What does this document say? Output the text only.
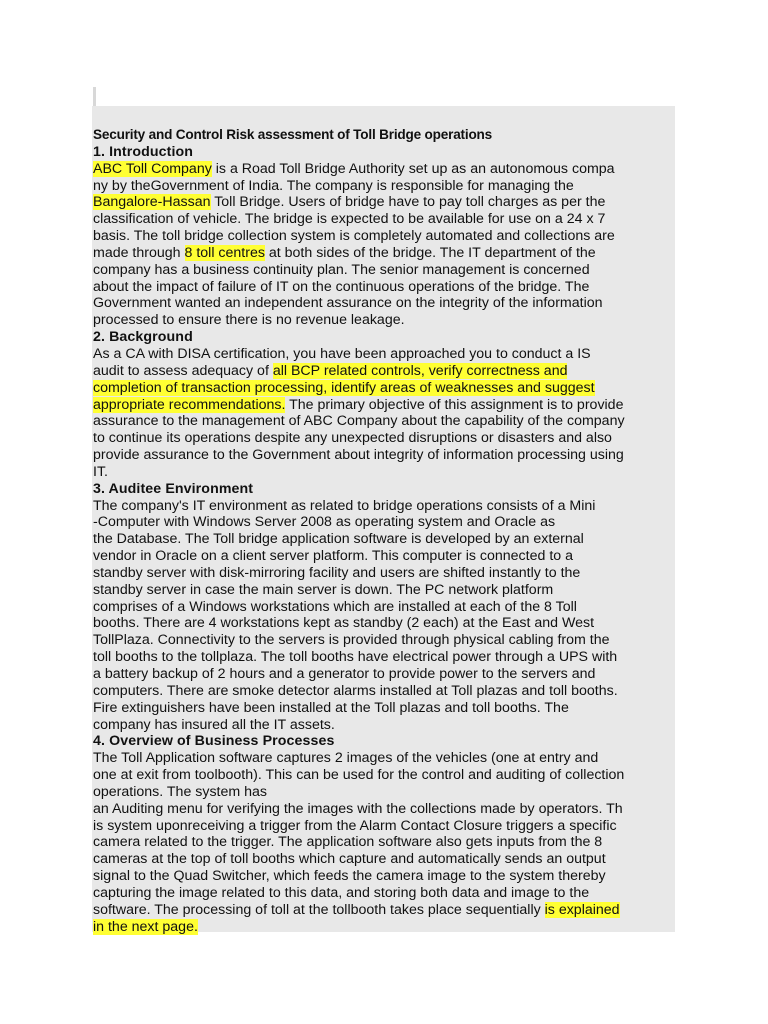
Security and Control Risk assessment of Toll Bridge operations
1. Introduction
ABC Toll Company is a Road Toll Bridge Authority set up as an autonomous compa
ny by theGovernment of India. The company is responsible for managing the
Bangalore-Hassan Toll Bridge. Users of bridge have to pay toll charges as per the
classification of vehicle. The bridge is expected to be available for use on a 24 x 7
basis. The toll bridge collection system is completely automated and collections are
made through 8 toll centres at both sides of the bridge. The IT department of the
company has a business continuity plan. The senior management is concerned
about the impact of failure of IT on the continuous operations of the bridge. The
Government wanted an independent assurance on the integrity of the information
processed to ensure there is no revenue leakage.
2. Background
As a CA with DISA certification, you have been approached you to conduct a IS
audit to assess adequacy of all BCP related controls, verify correctness and
completion of transaction processing, identify areas of weaknesses and suggest
appropriate recommendations. The primary objective of this assignment is to provide
assurance to the management of ABC Company about the capability of the company
to continue its operations despite any unexpected disruptions or disasters and also
provide assurance to the Government about integrity of information processing using
IT.
3. Auditee Environment
The company's IT environment as related to bridge operations consists of a Mini
-Computer with Windows Server 2008 as operating system and Oracle as
the Database. The Toll bridge application software is developed by an external
vendor in Oracle on a client server platform. This computer is connected to a
standby server with disk-mirroring facility and users are shifted instantly to the
standby server in case the main server is down. The PC network platform
comprises of a Windows workstations which are installed at each of the 8 Toll
booths. There are 4 workstations kept as standby (2 each) at the East and West
TollPlaza. Connectivity to the servers is provided through physical cabling from the
toll booths to the tollplaza. The toll booths have electrical power through a UPS with
a battery backup of 2 hours and a generator to provide power to the servers and
computers. There are smoke detector alarms installed at Toll plazas and toll booths.
Fire extinguishers have been installed at the Toll plazas and toll booths. The
company has insured all the IT assets.
4. Overview of Business Processes
The Toll Application software captures 2 images of the vehicles (one at entry and
one at exit from toolbooth). This can be used for the control and auditing of collection
operations. The system has
an Auditing menu for verifying the images with the collections made by operators. Th
is system uponreceiving a trigger from the Alarm Contact Closure triggers a specific
camera related to the trigger. The application software also gets inputs from the 8
cameras at the top of toll booths which capture and automatically sends an output
signal to the Quad Switcher, which feeds the camera image to the system thereby
capturing the image related to this data, and storing both data and image to the
software. The processing of toll at the tollbooth takes place sequentially is explained
in the next page.
